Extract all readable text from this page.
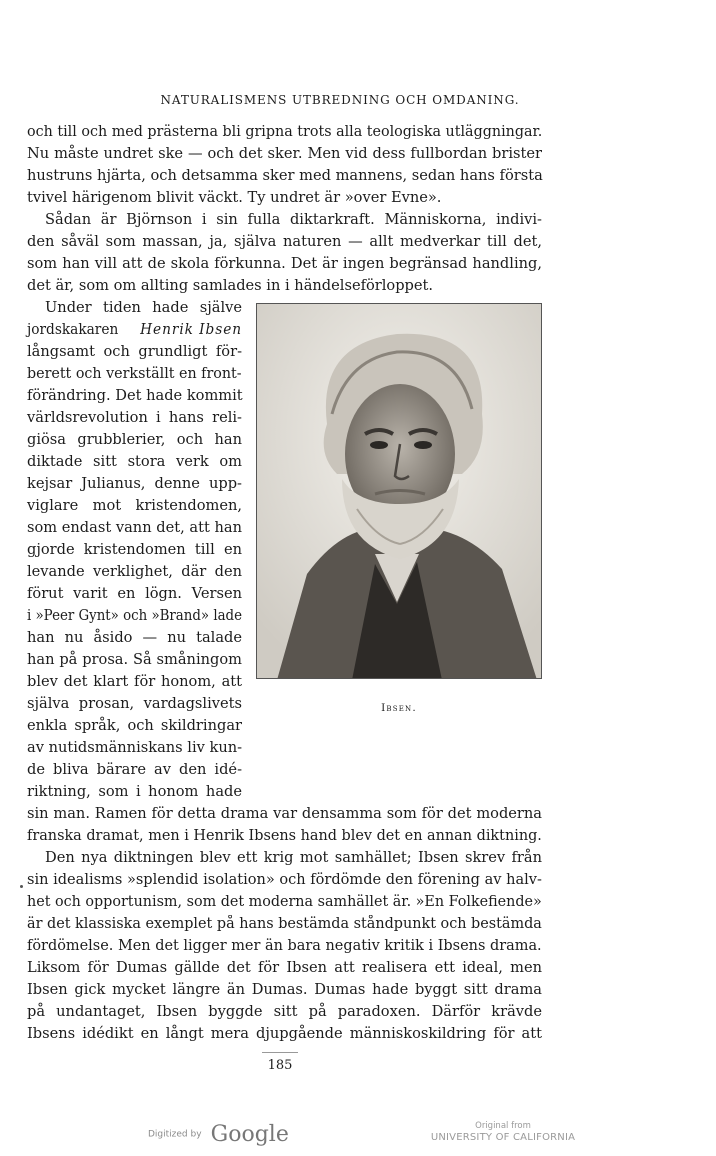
NATURALISMENS UTBREDNING OCH OMDANING.
och till och med prästerna bli gripna trots alla teologiska utläggningar.
Nu måste undret ske — och det sker. Men vid dess fullbordan brister
hustruns hjärta, och detsamma sker med mannens, sedan hans första
tvivel härigenom blivit väckt. Ty undret är »over Evne».
Sådan är Björnson i sin fulla diktarkraft. Människorna, indivi-
den såväl som massan, ja, själva naturen — allt medverkar till det,
som han vill att de skola förkunna. Det är ingen begränsad handling,
det är, som om allting samlades in i händelseförloppet.
Under tiden hade själve
jordskakaren Henrik Ibsen
långsamt och grundligt för-
berett och verkställt en front-
förändring. Det hade kommit
världsrevolution i hans reli-
giösa grubblerier, och han
diktade sitt stora verk om
kejsar Julianus, denne upp-
viglare mot kristendomen,
som endast vann det, att han
gjorde kristendomen till en
levande verklighet, där den
förut varit en lögn. Versen
i »Peer Gynt» och »Brand» lade
han nu åsido — nu talade
han på prosa. Så småningom
blev det klart för honom, att
själva prosan, vardagslivets
enkla språk, och skildringar
av nutidsmänniskans liv kun-
de bliva bärare av den idé-
riktning, som i honom hade
Ibsen.
sin man. Ramen för detta drama var densamma som för det moderna
franska dramat, men i Henrik Ibsens hand blev det en annan diktning.
Den nya diktningen blev ett krig mot samhället; Ibsen skrev från
sin idealisms »splendid isolation» och fördömde den förening av halv-
het och opportunism, som det moderna samhället är. »En Folkefiende»
är det klassiska exemplet på hans bestämda ståndpunkt och bestämda
fördömelse. Men det ligger mer än bara negativ kritik i Ibsens drama.
Liksom för Dumas gällde det för Ibsen att realisera ett ideal, men
Ibsen gick mycket längre än Dumas. Dumas hade byggt sitt drama
på undantaget, Ibsen byggde sitt på paradoxen. Därför krävde
Ibsens idédikt en långt mera djupgående människoskildring för att
185
Digitized by Google	Original from
UNIVERSITY OF CALIFORNIA
